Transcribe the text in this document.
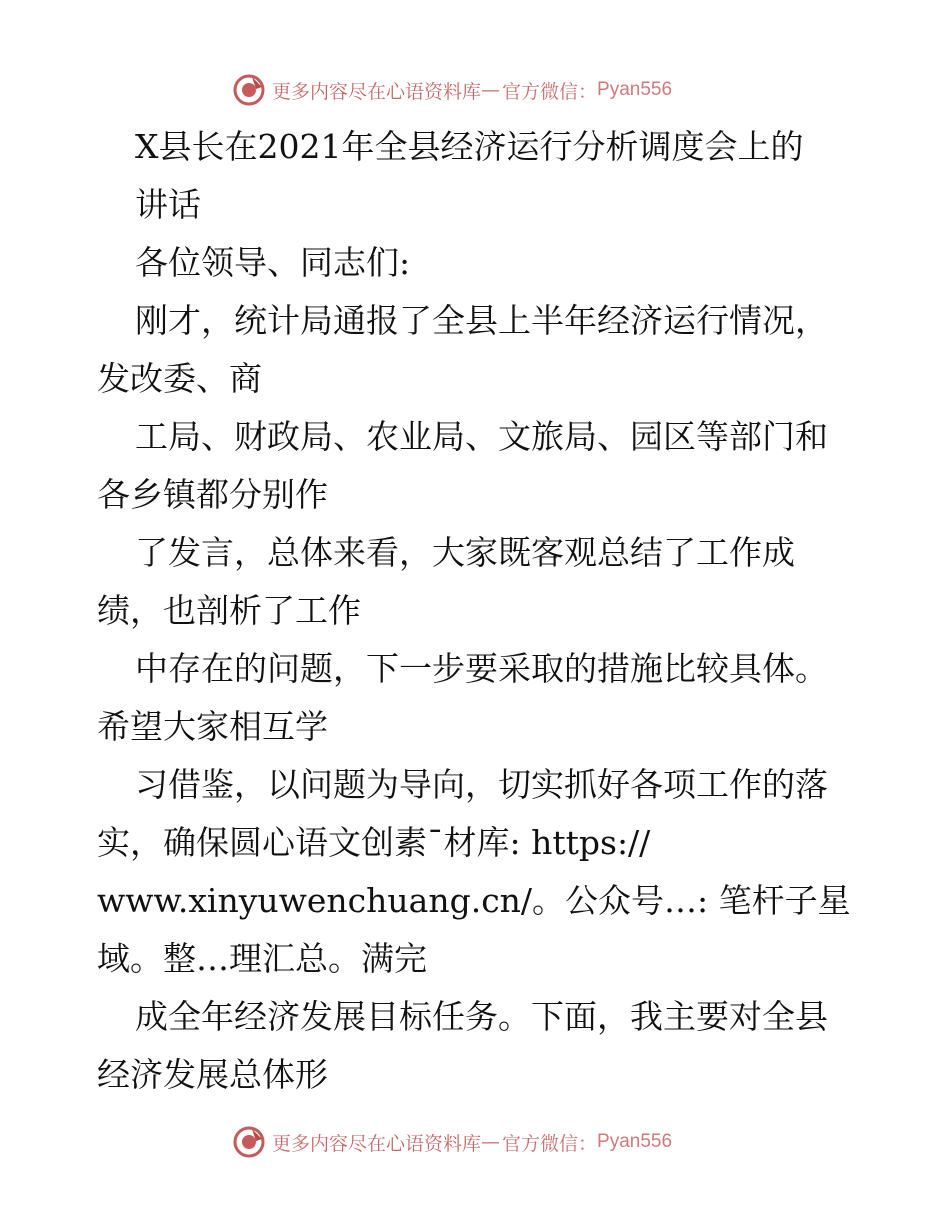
更多内容尽在心语资料库 — 官方微信： Pyan556
X县长在2021年全县经济运行分析调度会上的
讲话
各位领导、同志们:
刚才，统计局通报了全县上半年经济运行情况，
发改委、商
工局、财政局、农业局、文旅局、园区等部门和
各乡镇都分别作
了发言，总体来看，大家既客观总结了工作成
绩，也剖析了工作
中存在的问题，下一步要采取的措施比较具体。
希望大家相互学
习借鉴，以问题为导向，切实抓好各项工作的落
实，确保圆心语文创素¯材库: https://
www.xinyuwenchuang.cn/。公众号…: 笔杆子星
域。整…理汇总。满完
成全年经济发展目标任务。下面，我主要对全县
经济发展总体形
更多内容尽在心语资料库 — 官方微信： Pyan556
